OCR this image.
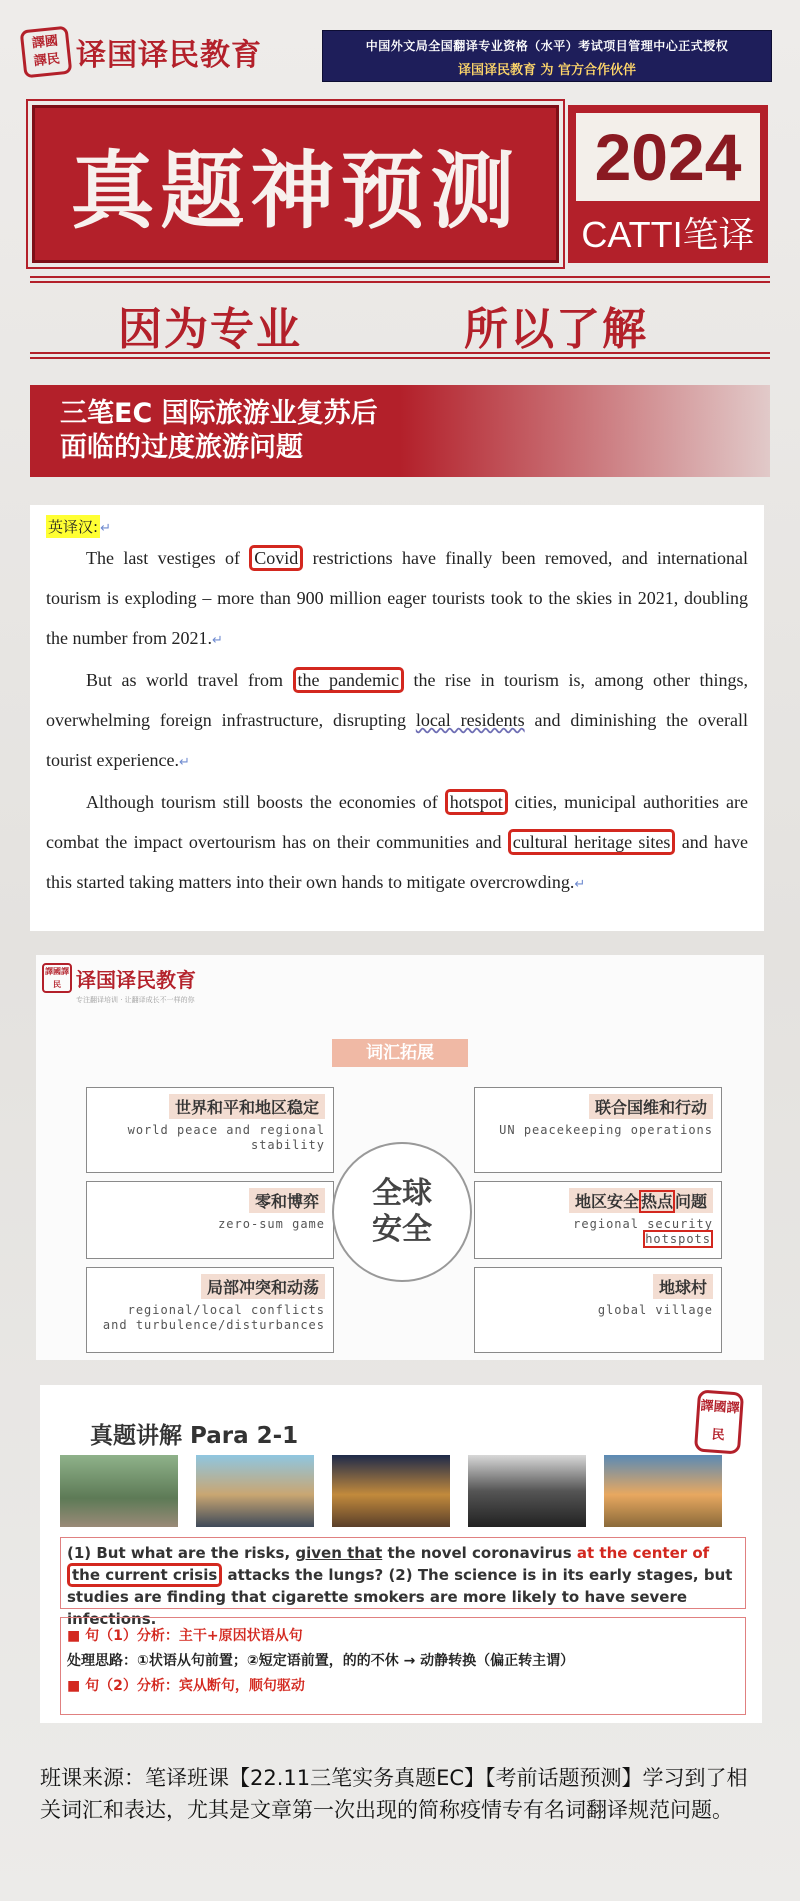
譯
國
譯
民 译国译民教育	中国外文局全国翻译专业资格（水平）考试项目管理中心正式授权
译国译民教育 为 官方合作伙伴
真题神预测 2024
CATTI笔译
因为专业	所以了解
三笔EC 国际旅游业复苏后
面临的过度旅游问题
英译汉: ↵

The last vestiges of Covid restrictions have finally been removed, and international tourism is exploding – more than 900 million eager tourists took to the skies in 2021, doubling the number from 2021.↵

But as world travel from the pandemic the rise in tourism is, among other things, overwhelming foreign infrastructure, disrupting local residents and diminishing the overall tourist experience.↵

Although tourism still boosts the economies of hotspot cities, municipal authorities are combat the impact overtourism has on their communities and cultural heritage sites and have this started taking matters into their own hands to mitigate overcrowding.↵

譯 國 譯
民 译国译民教育
专注翻译培训 · 让翻译成长不一样的你
词汇拓展
世界和平和地区稳定
world peace and regional stability
零和博弈
zero-sum game
局部冲突和动荡
regional/local conflicts and turbulence/disturbances
全球安全
联合国维和行动
UN peacekeeping operations
地区安全 热点 问题
regional security
hotspots
地球村
global village
真题讲解 Para 2-1
譯
國
譯
民
(1) But what are the risks, given that the novel coronavirus at the center of the current crisis attacks the lungs? (2) The science is in its early stages, but studies are finding that cigarette smokers are more likely to have severe infections.
■ 句（1）分析：主干+原因状语从句
处理思路：①状语从句前置；②短定语前置，的的不休 → 动静转换（偏正转主谓）
■ 句（2）分析：宾从断句，顺句驱动
班课来源：笔译班课【22.11三笔实务真题EC】【考前话题预测】学习到了相关词汇和表达，尤其是文章第一次出现的简称疫情专有名词翻译规范问题。
